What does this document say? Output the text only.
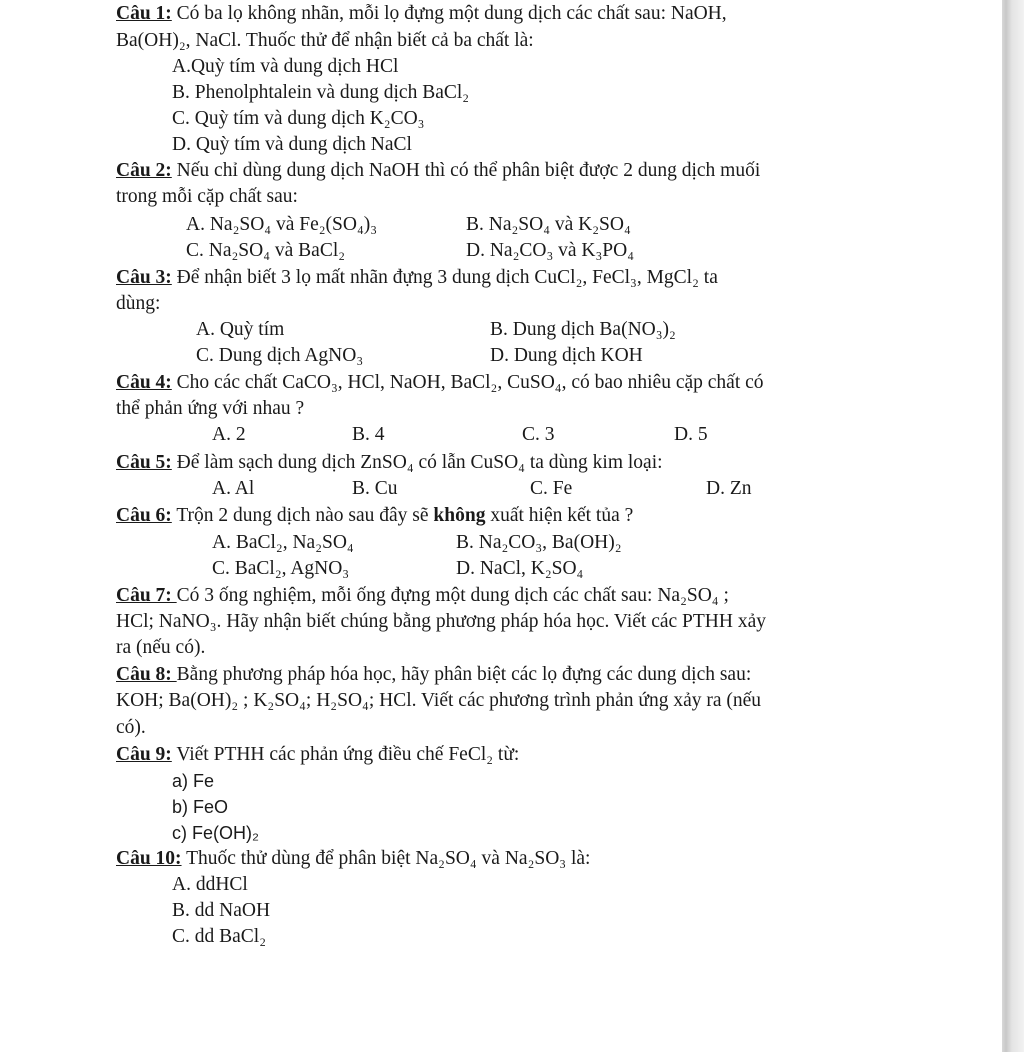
Câu 1: Có ba lọ không nhãn, mỗi lọ đựng một dung dịch các chất sau: NaOH,
Ba(OH)₂, NaCl. Thuốc thử để nhận biết cả ba chất là:
A.Quỳ tím và dung dịch HCl
B. Phenolphtalein và dung dịch BaCl₂
C. Quỳ tím và dung dịch K₂CO₃
D. Quỳ tím và dung dịch NaCl
Câu 2: Nếu chỉ dùng dung dịch NaOH thì có thể phân biệt được 2 dung dịch muối
trong mỗi cặp chất sau:
A. Na₂SO₄ và Fe₂(SO₄)₃	B. Na₂SO₄ và K₂SO₄
C. Na₂SO₄ và BaCl₂	D. Na₂CO₃ và K₃PO₄
Câu 3: Để nhận biết 3 lọ mất nhãn đựng 3 dung dịch CuCl₂, FeCl₃, MgCl₂ ta
dùng:
A. Quỳ tím	B. Dung dịch Ba(NO₃)₂
C. Dung dịch AgNO₃	D. Dung dịch KOH
Câu 4: Cho các chất CaCO₃, HCl, NaOH, BaCl₂, CuSO₄, có bao nhiêu cặp chất có
thể phản ứng với nhau ?
A. 2	B. 4	C. 3	D. 5
Câu 5: Để làm sạch dung dịch ZnSO₄ có lẫn CuSO₄ ta dùng kim loại:
A. Al	B. Cu	C. Fe	D. Zn
Câu 6: Trộn 2 dung dịch nào sau đây sẽ không xuất hiện kết tủa ?
A. BaCl₂, Na₂SO₄	B. Na₂CO₃, Ba(OH)₂
C. BaCl₂, AgNO₃	D. NaCl, K₂SO₄
Câu 7: Có 3 ống nghiệm, mỗi ống đựng một dung dịch các chất sau: Na₂SO₄ ;
HCl; NaNO₃. Hãy nhận biết chúng bằng phương pháp hóa học. Viết các PTHH xảy
ra (nếu có).
Câu 8: Bằng phương pháp hóa học, hãy phân biệt các lọ đựng các dung dịch sau:
KOH; Ba(OH)₂ ; K₂SO₄; H₂SO₄; HCl. Viết các phương trình phản ứng xảy ra (nếu
có).
Câu 9: Viết PTHH các phản ứng điều chế FeCl₂ từ:
a) Fe
b) FeO
c) Fe(OH)₂
Câu 10: Thuốc thử dùng để phân biệt Na₂SO₄ và Na₂SO₃ là:
A. ddHCl
B. dd NaOH
C. dd BaCl₂
